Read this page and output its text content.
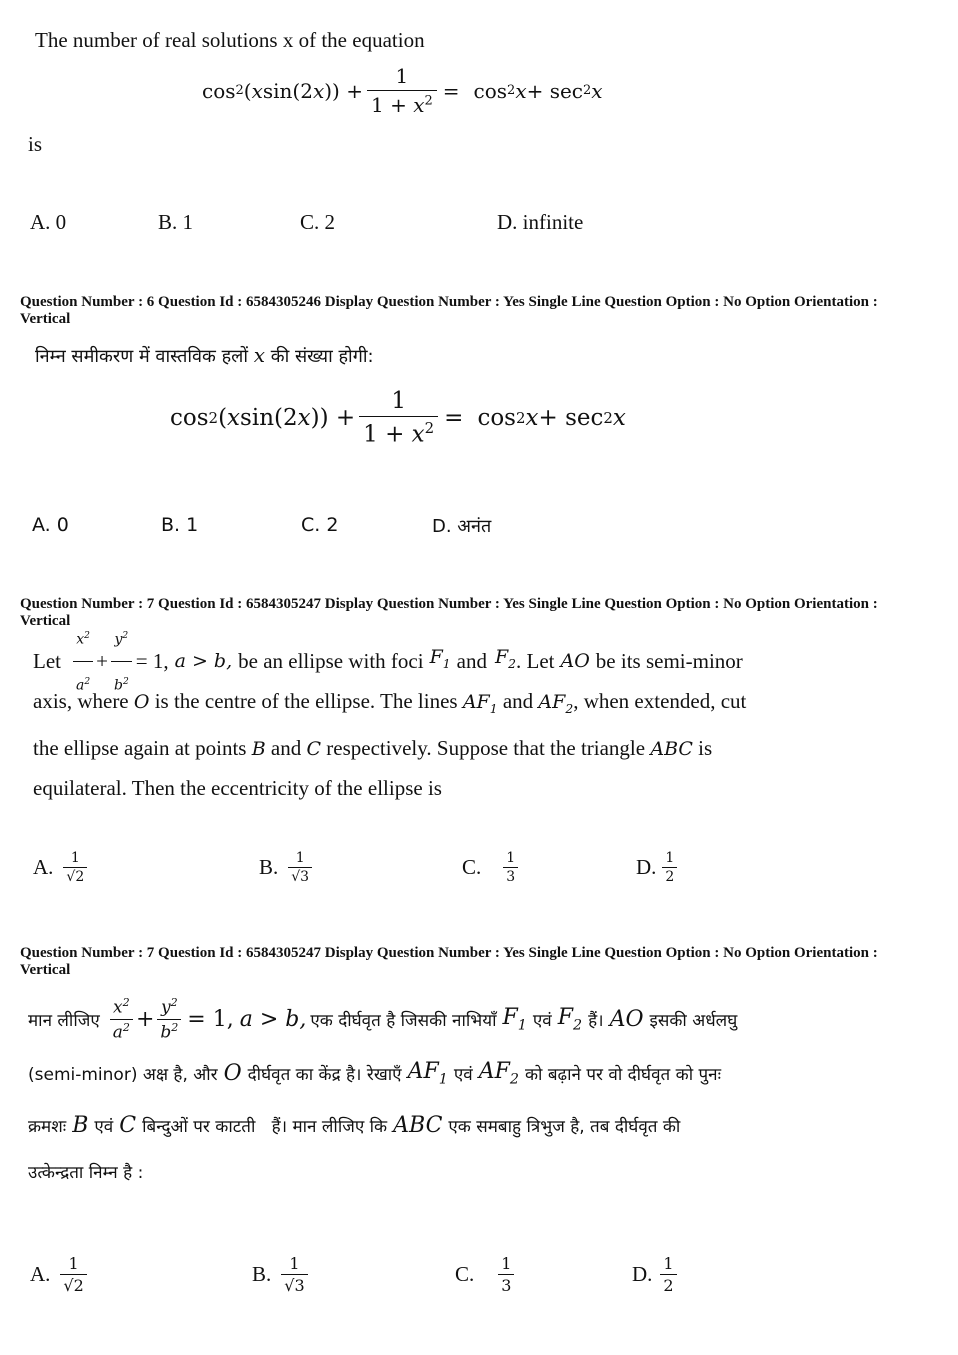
The number of real solutions x of the equation
cos 2 ( x sin(2 x )) + $\frac{1}{1 + x^2} = \cos 2$ x + sec 2 x
is
A. 0	B. 1	C. 2	D. infinite
Question Number : 6 Question Id : 6584305246 Display Question Number : Yes Single Line Question Option : No Option Orientation : Vertical
निम्न समीकरण में वास्तविक हलों x की संख्या होगी:
cos 2 ( x sin(2 x )) + $\frac{1}{1 + x^2} = \cos 2$ x + sec 2 x
A. 0	B. 1	C. 2	D. अनंत
Question Number : 7 Question Id : 6584305247 Display Question Number : Yes Single Line Question Option : No Option Orientation : Vertical
Let $\frac{x^2}{a^2} + \frac{y^2}{b^2} = 1$, a > b, be an ellipse with foci $F_1$ and $F_2$ . Let AO be its semi-minor
axis, where O is the centre of the ellipse. The lines $AF_1$ and $AF_2$, when extended, cut
the ellipse again at points B and C respectively. Suppose that the triangle ABC is
equilateral. Then the eccentricity of the ellipse is
A. $\frac{1}{√2}$	B. $\frac{1}{√3}$	C. $\frac{1}{3}$	D. $\frac{1}{2}$
Question Number : 7 Question Id : 6584305247 Display Question Number : Yes Single Line Question Option : No Option Orientation : Vertical
मान लीजिए $\frac{x^2}{a^2} + \frac{y^2}{b^2} = 1$, a > b, एक दीर्घवृत है जिसकी नाभियाँ $F_1$ एवं $F_2$ हैं। AO इसकी अर्धलघु
(semi-minor) अक्ष है, और O दीर्घवृत का केंद्र है। रेखाएँ $AF_1$ एवं $AF_2$ को बढ़ाने पर वो दीर्घवृत को पुनः
क्रमशः B एवं C बिन्दुओं पर काटती   हैं। मान लीजिए कि ABC एक समबाहु त्रिभुज है, तब दीर्घवृत की
उत्केन्द्रता निम्न है :
A. $\frac{1}{√2}$	B. $\frac{1}{√3}$	C. $\frac{1}{3}$	D. $\frac{1}{2}$
